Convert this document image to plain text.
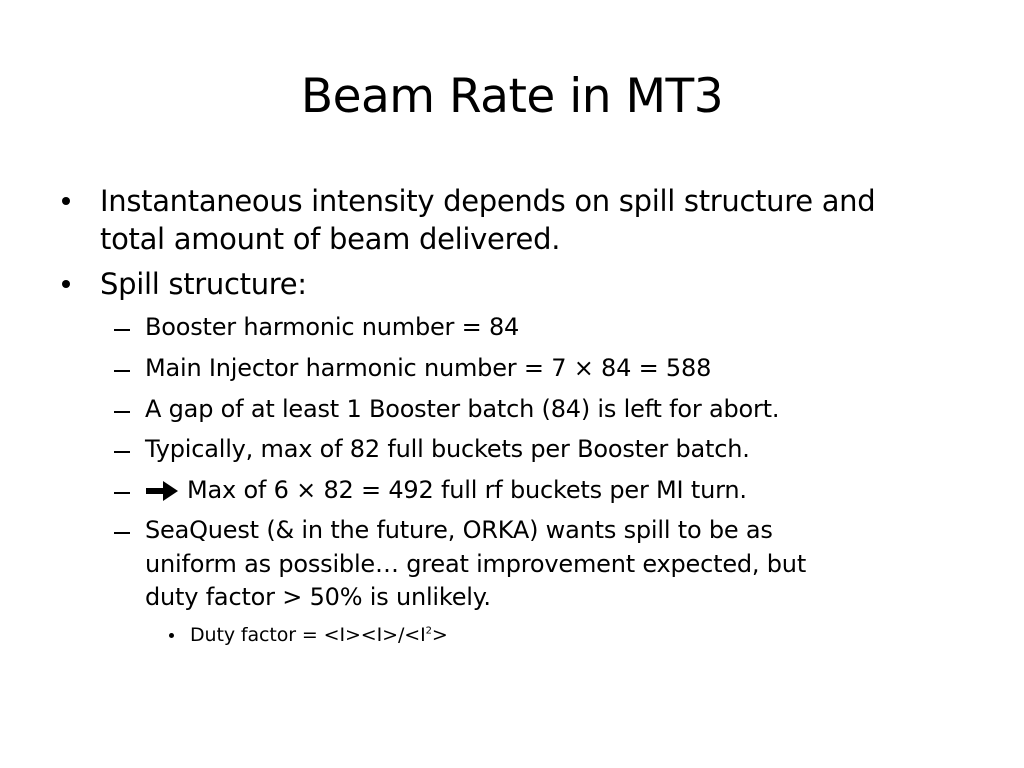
Beam Rate in MT3
Instantaneous intensity depends on spill structure and
total amount of beam delivered.
Spill structure:
Booster harmonic number = 84
Main Injector harmonic number = 7 × 84 = 588
A gap of at least 1 Booster batch (84) is left for abort.
Typically, max of 82 full buckets per Booster batch.
Max of 6 × 82 = 492 full rf buckets per MI turn.
SeaQuest (& in the future, ORKA) wants spill to be as
uniform as possible… great improvement expected, but
duty factor > 50% is unlikely.
Duty factor = $<I><I>/<I^2>$
